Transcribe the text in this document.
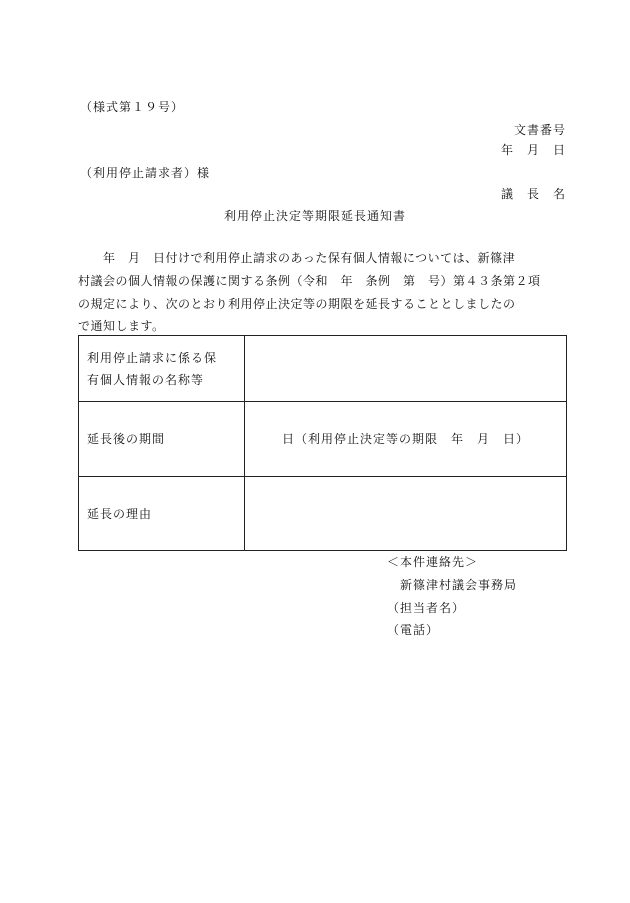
（様式第１９号）
文書番号
年　月　日
（利用停止請求者）様
議　長　名
利用停止決定等期限延長通知書
　　年　月　日付けで利用停止請求のあった保有個人情報については、新篠津
村議会の個人情報の保護に関する条例（令和　年　条例　第　号）第４３条第２項
の規定により、次のとおり利用停止決定等の期限を延長することとしましたの
で通知します。
利用停止請求に係る保
有個人情報の名称等	

延長後の期間	日（利用停止決定等の期限　年　月　日）
延長の理由	
＜本件連絡先＞
新篠津村議会事務局
（担当者名）
（電話）
